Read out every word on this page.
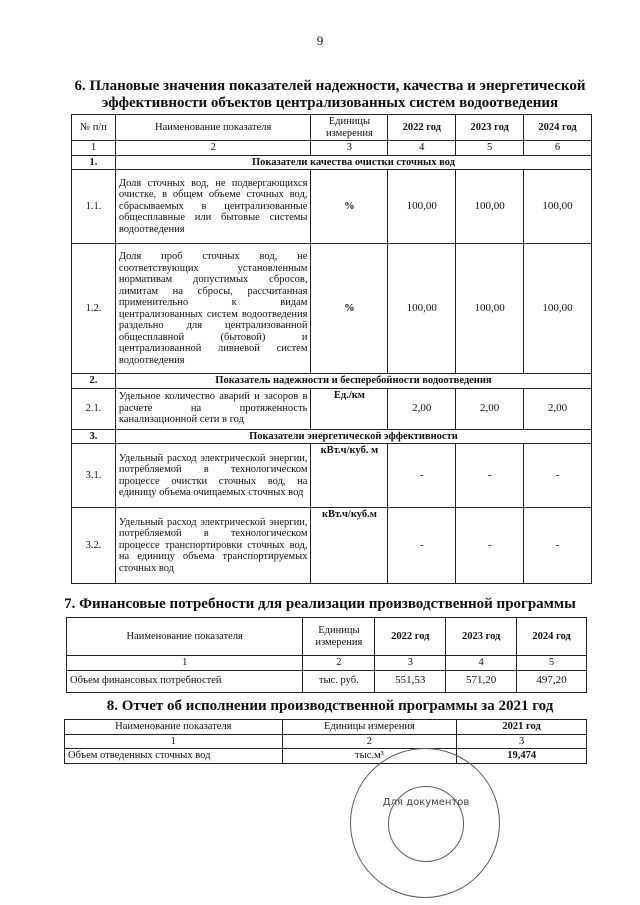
9
6. Плановые значения показателей надежности, качества и энергетической эффективности объектов централизованных систем водоотведения
№ п/п	Наименование показателя	Единицы измерения	2022 год	2023 год	2024 год
1	2	3	4	5	6
1.	Показатели качества очистки сточных вод				
1.1.	Доля сточных вод, не подвергающихся очистке, в общем объеме сточных вод, сбрасываемых в централизованные общесплавные или бытовые системы водоотведения	%	100,00	100,00	100,00
1.2.	Доля проб сточных вод, не соответствующих установленным нормативам допустимых сбросов, лимитам на сбросы, рассчитанная применительно к видам централизованных систем водоотведения раздельно для централизованной общесплавной (бытовой) и централизованной ливневой систем водоотведения	%	100,00	100,00	100,00
2.	Показатель надежности и бесперебойности водоотведения				
2.1.	Удельное количество аварий и засоров в расчете на протяженность канализационной сети в год	Ед./км	2,00	2,00	2,00
3.	Показатели энергетической эффективности				
3.1.	Удельный расход электрической энергии, потребляемой в технологическом процессе очистки сточных вод, на единицу объема очищаемых сточных вод	кВт.ч/куб. м	-	-	-
3.2.	Удельный расход электрической энергии, потребляемой в технологическом процессе транспортировки сточных вод, на единицу объема транспортируемых сточных вод	кВт.ч/куб.м	-	-	-
7. Финансовые потребности для реализации производственной программы
Наименование показателя	Единицы измерения	2022 год	2023 год	2024 год
1	2	3	4	5
Объем финансовых потребностей	тыс. руб.	551,53	571,20	497,20
8. Отчет об исполнении производственной программы за 2021 год
Наименование показателя	Единицы измерения	2021 год
1	2	3
Объем отведенных сточных вод	тыс.м³	19,474
Для документов
